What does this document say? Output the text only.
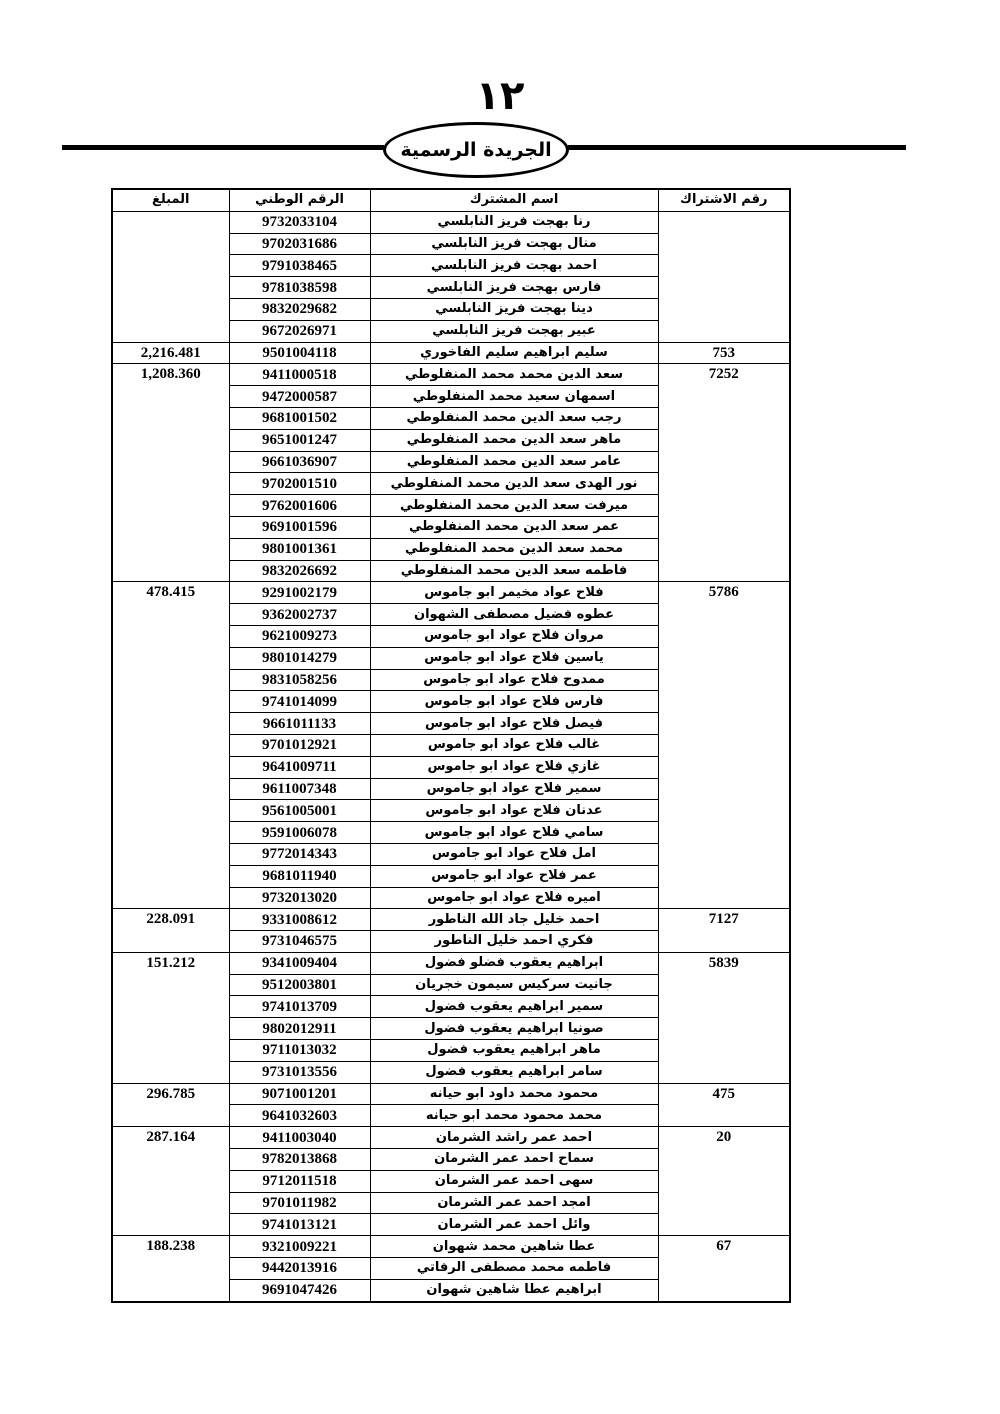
١٢
الجريدة الرسمية
المبلغ	الرقم الوطني	اسم المشترك	رقم الاشتراك
	9732033104	رنا بهجت فريز النابلسي	
	9702031686	منال بهجت فريز النابلسي	
	9791038465	احمد بهجت فريز النابلسي	
	9781038598	فارس بهجت فريز النابلسي	
	9832029682	دينا بهجت فريز النابلسي	
	9672026971	عبير بهجت فريز النابلسي	
2,216.481	9501004118	سليم ابراهيم سليم الفاخوري	753
1,208.360	9411000518	سعد الدين محمد محمد المنفلوطي	7252
	9472000587	اسمهان سعيد محمد المنفلوطي	
	9681001502	رجب سعد الدين محمد المنفلوطي	
	9651001247	ماهر سعد الدين محمد المنفلوطي	
	9661036907	عامر سعد الدين محمد المنفلوطي	
	9702001510	نور الهدى سعد الدين محمد المنفلوطي	
	9762001606	ميرفت سعد الدين محمد المنفلوطي	
	9691001596	عمر سعد الدين محمد المنفلوطي	
	9801001361	محمد سعد الدين محمد المنفلوطي	
	9832026692	فاطمه سعد الدين محمد المنفلوطي	
478.415	9291002179	فلاح عواد مخيمر ابو جاموس	5786
	9362002737	عطوه فضيل مصطفى الشهوان	
	9621009273	مروان فلاح عواد ابو جاموس	
	9801014279	ياسين فلاح عواد ابو جاموس	
	9831058256	ممدوح فلاح عواد ابو جاموس	
	9741014099	فارس فلاح عواد ابو جاموس	
	9661011133	فيصل فلاح عواد ابو جاموس	
	9701012921	غالب فلاح عواد ابو جاموس	
	9641009711	غازي فلاح عواد ابو جاموس	
	9611007348	سمير فلاح عواد ابو جاموس	
	9561005001	عدنان فلاح عواد ابو جاموس	
	9591006078	سامي فلاح عواد ابو جاموس	
	9772014343	امل فلاح عواد ابو جاموس	
	9681011940	عمر فلاح عواد ابو جاموس	
	9732013020	اميره فلاح عواد ابو جاموس	
228.091	9331008612	احمد خليل جاد الله الناطور	7127
	9731046575	فكري احمد خليل الناطور	
151.212	9341009404	ابراهيم يعقوب فضلو فضول	5839
	9512003801	جانيت سركيس سيمون خجريان	
	9741013709	سمير ابراهيم يعقوب فضول	
	9802012911	صونيا ابراهيم يعقوب فضول	
	9711013032	ماهر ابراهيم يعقوب فضول	
	9731013556	سامر ابراهيم يعقوب فضول	
296.785	9071001201	محمود محمد داود ابو حيانه	475
	9641032603	محمد محمود محمد ابو حيانه	
287.164	9411003040	احمد عمر راشد الشرمان	20
	9782013868	سماح احمد عمر الشرمان	
	9712011518	سهى احمد عمر الشرمان	
	9701011982	امجد احمد عمر الشرمان	
	9741013121	وائل احمد عمر الشرمان	
188.238	9321009221	عطا شاهين محمد شهوان	67
	9442013916	فاطمه محمد مصطفى الرفاتي	
	9691047426	ابراهيم عطا شاهين شهوان	
